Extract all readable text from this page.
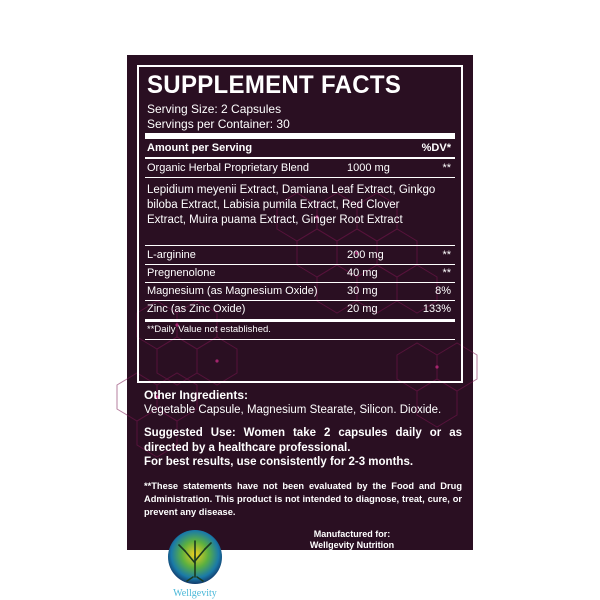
SUPPLEMENT FACTS
Serving Size: 2 Capsules
Servings per Container: 30
Amount per Serving	%DV*
Organic Herbal Proprietary Blend	1000 mg	**
Lepidium meyenii Extract, Damiana Leaf Extract, Ginkgo biloba Extract, Labisia pumila Extract, Red Clover Extract, Muira puama Extract, Ginger Root Extract
L-arginine	200 mg	**
Pregnenolone	40 mg	**
Magnesium (as Magnesium Oxide)	30 mg	8%
Zinc (as Zinc Oxide)	20 mg	133%
**Daily Value not established.
Other Ingredients:
Vegetable Capsule, Magnesium Stearate, Silicon. Dioxide.
Suggested Use: Women take 2 capsules daily or as directed by a healthcare professional.
For best results, use consistently for 2-3 months.
**These statements have not been evaluated by the Food and Drug Administration. This product is not intended to diagnose, treat, cure, or prevent any disease.
Wellgevity
Manufactured for:
Wellgevity Nutrition
12609 Hoover St., Garden Grove, CA
Exclusive for Thuy Nga-PBN
14882 Moran St, Westminster, CA 92683
